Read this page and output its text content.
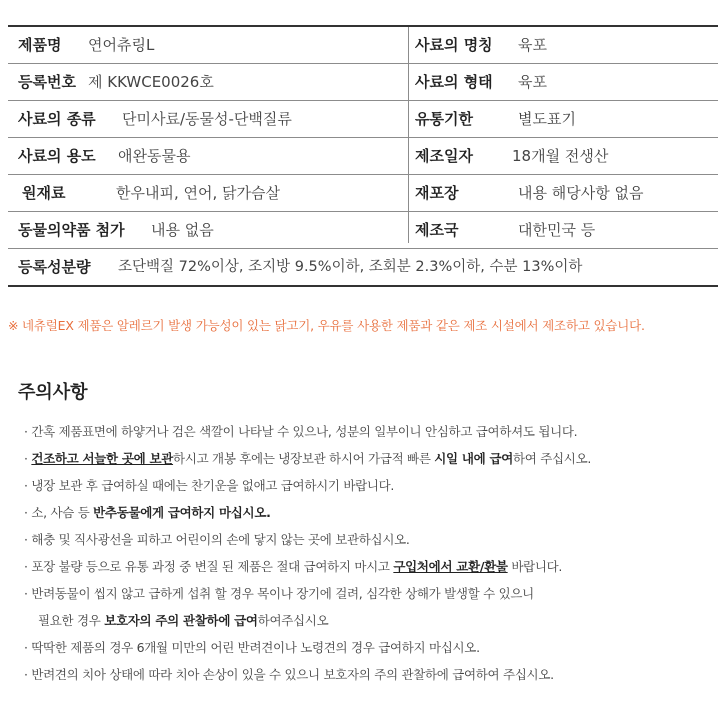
제품명 연어츄링L	사료의 명칭 육포
등록번호 제 KKWCE0026호	사료의 형태 육포
사료의 종류 단미사료/동물성-단백질류	유통기한	별도표기
사료의 용도 애완동물용	제조일자	18개월 전생산
원재료	한우내피, 연어, 닭가슴살	재포장	내용 해당사항 없음
동물의약품 첨가 내용 없음	제조국	대한민국 등
등록성분량 조단백질 72%이상, 조지방 9.5%이하, 조회분 2.3%이하, 수분 13%이하
※ 네츄럴EX 제품은 알레르기 발생 가능성이 있는 닭고기, 우유를 사용한 제품과 같은 제조 시설에서 제조하고 있습니다.
주의사항
· 간혹 제품표면에 하얗거나 검은 색깔이 나타날 수 있으나, 성분의 일부이니 안심하고 급여하셔도 됩니다.
· 건조하고 서늘한 곳에 보관하시고 개봉 후에는 냉장보관 하시어 가급적 빠른 시일 내에 급여하여 주십시오.
· 냉장 보관 후 급여하실 때에는 찬기운을 없애고 급여하시기 바랍니다.
· 소, 사슴 등 반추동물에게 급여하지 마십시오.
· 해충 및 직사광선을 피하고 어린이의 손에 닿지 않는 곳에 보관하십시오.
· 포장 불량 등으로 유통 과정 중 변질 된 제품은 절대 급여하지 마시고 구입처에서 교환/환불 바랍니다.
· 반려동물이 씹지 않고 급하게 섭취 할 경우 목이나 장기에 걸려, 심각한 상해가 발생할 수 있으니
필요한 경우 보호자의 주의 관찰하에 급여하여주십시오
· 딱딱한 제품의 경우 6개월 미만의 어린 반려견이나 노령견의 경우 급여하지 마십시오.
· 반려견의 치아 상태에 따라 치아 손상이 있을 수 있으니 보호자의 주의 관찰하에 급여하여 주십시오.
